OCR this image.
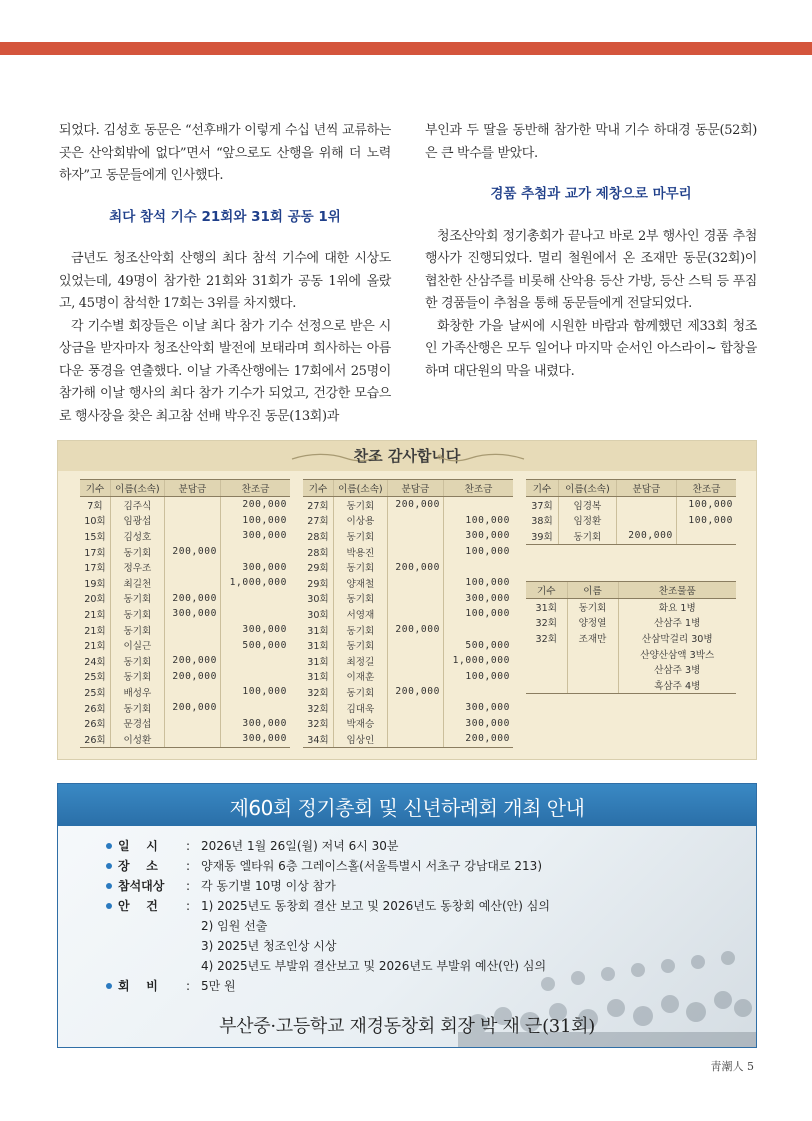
되었다. 김성호 동문은 “선후배가 이렇게 수십 년씩 교류하는 곳은 산악회밖에 없다”면서 “앞으로도 산행을 위해 더 노력하자”고 동문들에게 인사했다.

최다 참석 기수 21회와 31회 공동 1위

금년도 청조산악회 산행의 최다 참석 기수에 대한 시상도 있었는데, 49명이 참가한 21회와 31회가 공동 1위에 올랐고, 45명이 참석한 17회는 3위를 차지했다.

각 기수별 회장들은 이날 최다 참가 기수 선정으로 받은 시상금을 받자마자 청조산악회 발전에 보태라며 희사하는 아름다운 풍경을 연출했다. 이날 가족산행에는 17회에서 25명이 참가해 이날 행사의 최다 참가 기수가 되었고, 건강한 모습으로 행사장을 찾은 최고참 선배 박우진 동문(13회)과

부인과 두 딸을 동반해 참가한 막내 기수 하대경 동문(52회)은 큰 박수를 받았다.

경품 추첨과 교가 제창으로 마무리

청조산악회 정기총회가 끝나고 바로 2부 행사인 경품 추첨 행사가 진행되었다. 멀리 철원에서 온 조재만 동문(32회)이 협찬한 산삼주를 비롯해 산악용 등산 가방, 등산 스틱 등 푸짐한 경품들이 추첨을 통해 동문들에게 전달되었다.

화창한 가을 날씨에 시원한 바람과 함께했던 제33회 청조인 가족산행은 모두 일어나 마지막 순서인 아스라이~ 합창을 하며 대단원의 막을 내렸다.

찬조 감사합니다
기수	이름(소속)	분담금	찬조금
7회	김주식		200,000
10회	임광섭		100,000
15회	김성호		300,000
17회	동기회	200,000	
17회	정우조		300,000
19회	최길천		1,000,000
20회	동기회	200,000	
21회	동기회	300,000	
21회	동기회		300,000
21회	이실근		500,000
24회	동기회	200,000	
25회	동기회	200,000	
25회	배성우		100,000
26회	동기회	200,000	
26회	문경섭		300,000
26회	이성환		300,000
기수	이름(소속)	분담금	찬조금
27회	동기회	200,000	
27회	이상용		100,000
28회	동기회		300,000
28회	박용진		100,000
29회	동기회	200,000	
29회	양재철		100,000
30회	동기회		300,000
30회	서영재		100,000
31회	동기회	200,000	
31회	동기회		500,000
31회	최정길		1,000,000
31회	이재훈		100,000
32회	동기회	200,000	
32회	김대욱		300,000
32회	박재승		300,000
34회	임상인		200,000
기수	이름(소속)	분담금	찬조금
37회	임경복		100,000
38회	임정환		100,000
39회	동기회	200,000	
기수	이름	찬조물품
31회	동기회	화요 1병
32회	양정열	산삼주 1병
32회	조재만	산삼막걸리 30병
		산양산삼액 3박스
		산삼주 3병
		흑삼주 4병
제60회 정기총회 및 신년하례회 개최 안내
일    시	: 2026년 1월 26일(월) 저녁 6시 30분
장    소	: 양재동 엘타워 6층 그레이스홀(서울특별시 서초구 강남대로 213)
참석대상	: 각 동기별 10명 이상 참가
안    건	: 1) 2025년도 동창회 결산 보고 및 2026년도 동창회 예산(안) 심의
2) 임원 선출
3) 2025년 청조인상 시상
4) 2025년도 부발위 결산보고 및 2026년도 부발위 예산(안) 심의
회    비	: 5만 원
부산중·고등학교 재경동창회 회장 박 재 근(31회)
靑潮人 5
